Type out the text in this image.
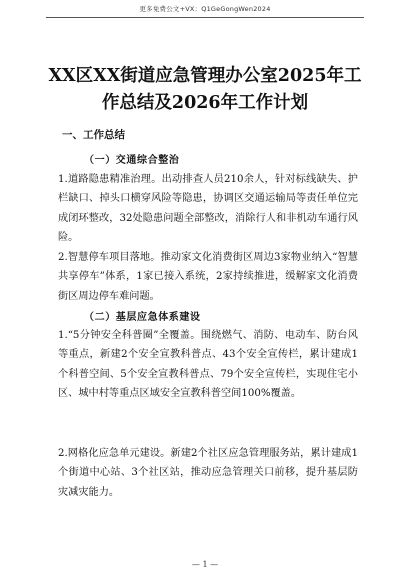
更多免费公文+VX：Q1GeGongWen2024
XX区XX街道应急管理办公室2025年工作总结及2026年工作计划
一、工作总结
（一）交通综合整治

1.道路隐患精准治理。出动排查人员210余人，针对标线缺失、护栏缺口、掉头口横穿风险等隐患，协调区交通运输局等责任单位完成闭环整改，32处隐患问题全部整改，消除行人和非机动车通行风险。

2.智慧停车项目落地。推动家文化消费街区周边3家物业纳入“智慧共享停车”体系，1家已接入系统，2家持续推进，缓解家文化消费街区周边停车难问题。

（二）基层应急体系建设

1.“5分钟安全科普圈”全覆盖。围绕燃气、消防、电动车、防台风等重点，新建2个安全宣教科普点、43个安全宣传栏，累计建成1个科普空间、5个安全宣教科普点、79个安全宣传栏，实现住宅小区、城中村等重点区域安全宣教科普空间100%覆盖。

2.网格化应急单元建设。新建2个社区应急管理服务站，累计建成1个街道中心站、3个社区站，推动应急管理关口前移，提升基层防灾减灾能力。

— 1 —
